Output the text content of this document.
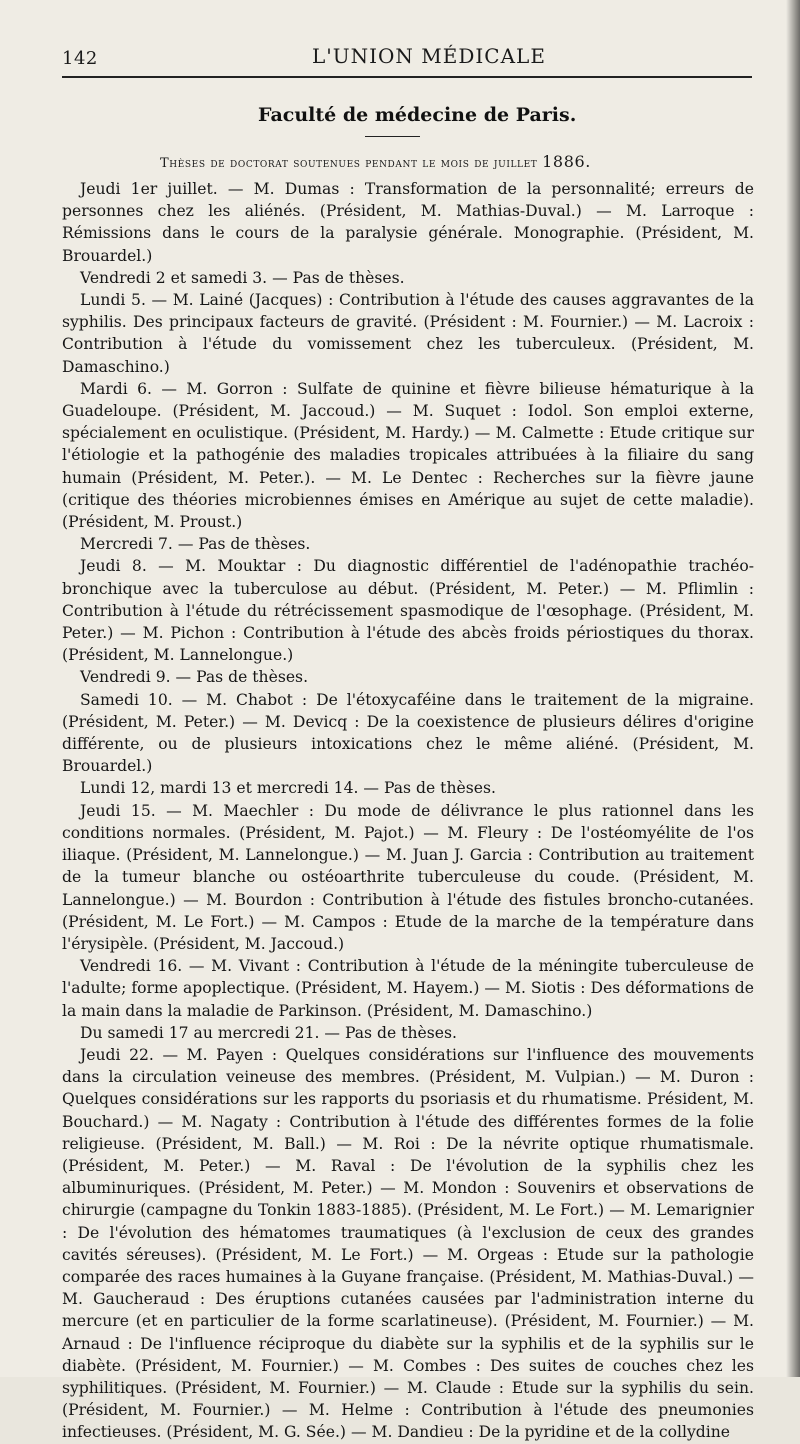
142	L'UNION MÉDICALE
Faculté de médecine de Paris.
Thèses de doctorat soutenues pendant le mois de juillet 1886.

Jeudi 1er juillet. — M. Dumas : Transformation de la personnalité; erreurs de personnes chez les aliénés. (Président, M. Mathias-Duval.) — M. Larroque : Rémissions dans le cours de la paralysie générale. Monographie. (Président, M. Brouardel.)

Vendredi 2 et samedi 3. — Pas de thèses.

Lundi 5. — M. Lainé (Jacques) : Contribution à l'étude des causes aggravantes de la syphilis. Des principaux facteurs de gravité. (Président : M. Fournier.) — M. Lacroix : Contribution à l'étude du vomissement chez les tuberculeux. (Président, M. Damaschino.)

Mardi 6. — M. Gorron : Sulfate de quinine et fièvre bilieuse hématurique à la Guadeloupe. (Président, M. Jaccoud.) — M. Suquet : Iodol. Son emploi externe, spécialement en oculistique. (Président, M. Hardy.) — M. Calmette : Etude critique sur l'étiologie et la pathogénie des maladies tropicales attribuées à la filiaire du sang humain (Président, M. Peter.). — M. Le Dentec : Recherches sur la fièvre jaune (critique des théories microbiennes émises en Amérique au sujet de cette maladie). (Président, M. Proust.)

Mercredi 7. — Pas de thèses.

Jeudi 8. — M. Mouktar : Du diagnostic différentiel de l'adénopathie trachéo-bronchique avec la tuberculose au début. (Président, M. Peter.) — M. Pflimlin : Contribution à l'étude du rétrécissement spasmodique de l'œsophage. (Président, M. Peter.) — M. Pichon : Contribution à l'étude des abcès froids périostiques du thorax. (Président, M. Lannelongue.)

Vendredi 9. — Pas de thèses.

Samedi 10. — M. Chabot : De l'étoxycaféine dans le traitement de la migraine. (Président, M. Peter.) — M. Devicq : De la coexistence de plusieurs délires d'origine différente, ou de plusieurs intoxications chez le même aliéné. (Président, M. Brouardel.)

Lundi 12, mardi 13 et mercredi 14. — Pas de thèses.

Jeudi 15. — M. Maechler : Du mode de délivrance le plus rationnel dans les conditions normales. (Président, M. Pajot.) — M. Fleury : De l'ostéomyélite de l'os iliaque. (Président, M. Lannelongue.) — M. Juan J. Garcia : Contribution au traitement de la tumeur blanche ou ostéoarthrite tuberculeuse du coude. (Président, M. Lannelongue.) — M. Bourdon : Contribution à l'étude des fistules broncho-cutanées. (Président, M. Le Fort.) — M. Campos : Etude de la marche de la température dans l'érysipèle. (Président, M. Jaccoud.)

Vendredi 16. — M. Vivant : Contribution à l'étude de la méningite tuberculeuse de l'adulte; forme apoplectique. (Président, M. Hayem.) — M. Siotis : Des déformations de la main dans la maladie de Parkinson. (Président, M. Damaschino.)

Du samedi 17 au mercredi 21. — Pas de thèses.

Jeudi 22. — M. Payen : Quelques considérations sur l'influence des mouvements dans la circulation veineuse des membres. (Président, M. Vulpian.) — M. Duron : Quelques considérations sur les rapports du psoriasis et du rhumatisme. Président, M. Bouchard.) — M. Nagaty : Contribution à l'étude des différentes formes de la folie religieuse. (Président, M. Ball.) — M. Roi : De la névrite optique rhumatismale. (Président, M. Peter.) — M. Raval : De l'évolution de la syphilis chez les albuminuriques. (Président, M. Peter.) — M. Mondon : Souvenirs et observations de chirurgie (campagne du Tonkin 1883-1885). (Président, M. Le Fort.) — M. Lemarignier : De l'évolution des hématomes traumatiques (à l'exclusion de ceux des grandes cavités séreuses). (Président, M. Le Fort.) — M. Orgeas : Etude sur la pathologie comparée des races humaines à la Guyane française. (Président, M. Mathias-Duval.) — M. Gaucheraud : Des éruptions cutanées causées par l'administration interne du mercure (et en particulier de la forme scarlatineuse). (Président, M. Fournier.) — M. Arnaud : De l'influence réciproque du diabète sur la syphilis et de la syphilis sur le diabète. (Président, M. Fournier.) — M. Combes : Des suites de couches chez les syphilitiques. (Président, M. Fournier.) — M. Claude : Etude sur la syphilis du sein. (Président, M. Fournier.) — M. Helme : Contribution à l'étude des pneumonies infectieuses. (Président, M. G. Sée.) — M. Dandieu : De la pyridine et de la collydine
